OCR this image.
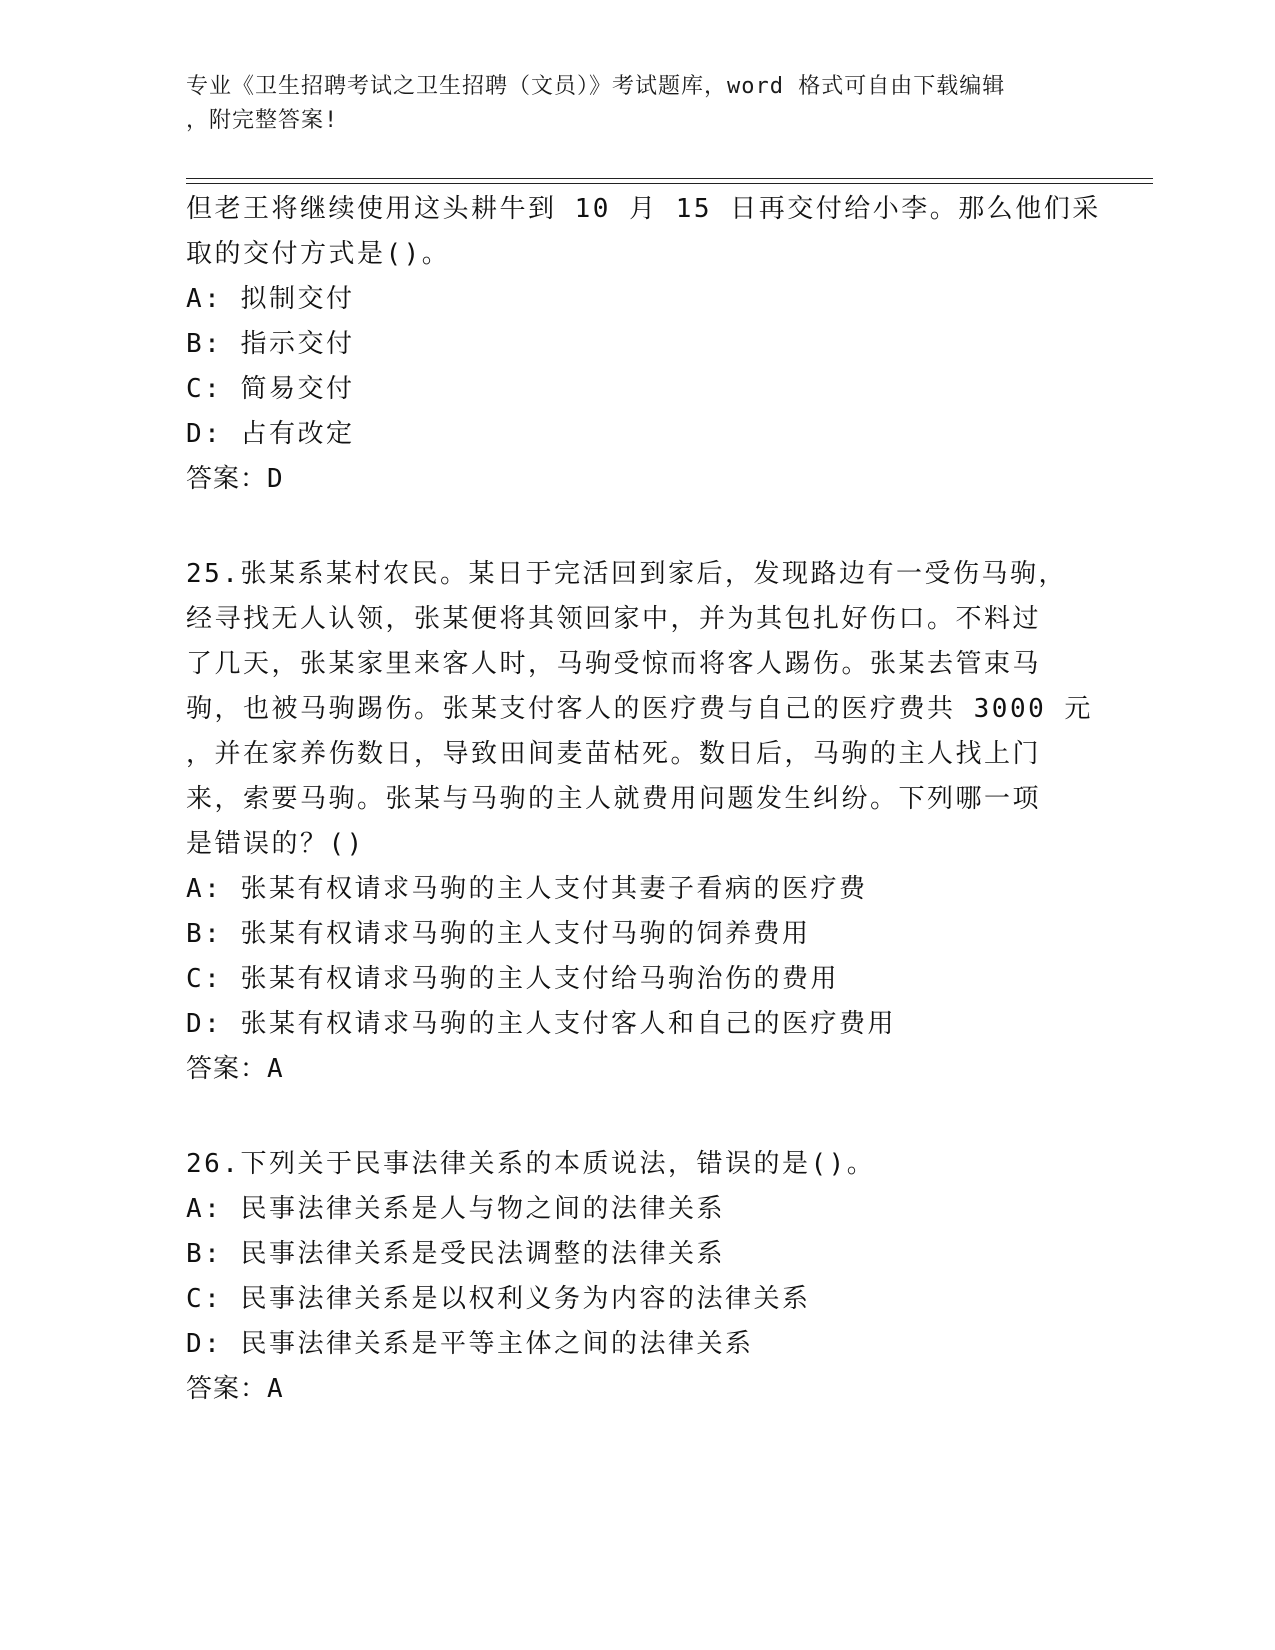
专业《卫生招聘考试之卫生招聘（文员）》考试题库，word 格式可自由下载编辑
，附完整答案!
但老王将继续使用这头耕牛到 10 月 15 日再交付给小李。那么他们采
取的交付方式是()。
A: 拟制交付
B: 指示交付
C: 简易交付
D: 占有改定
答案：D
25.张某系某村农民。某日于完活回到家后，发现路边有一受伤马驹，
经寻找无人认领，张某便将其领回家中，并为其包扎好伤口。不料过
了几天，张某家里来客人时，马驹受惊而将客人踢伤。张某去管束马
驹，也被马驹踢伤。张某支付客人的医疗费与自己的医疗费共 3000 元
，并在家养伤数日，导致田间麦苗枯死。数日后，马驹的主人找上门
来，索要马驹。张某与马驹的主人就费用问题发生纠纷。下列哪一项
是错误的？()
A: 张某有权请求马驹的主人支付其妻子看病的医疗费
B: 张某有权请求马驹的主人支付马驹的饲养费用
C: 张某有权请求马驹的主人支付给马驹治伤的费用
D: 张某有权请求马驹的主人支付客人和自己的医疗费用
答案：A
26.下列关于民事法律关系的本质说法，错误的是()。
A: 民事法律关系是人与物之间的法律关系
B: 民事法律关系是受民法调整的法律关系
C: 民事法律关系是以权利义务为内容的法律关系
D: 民事法律关系是平等主体之间的法律关系
答案：A
